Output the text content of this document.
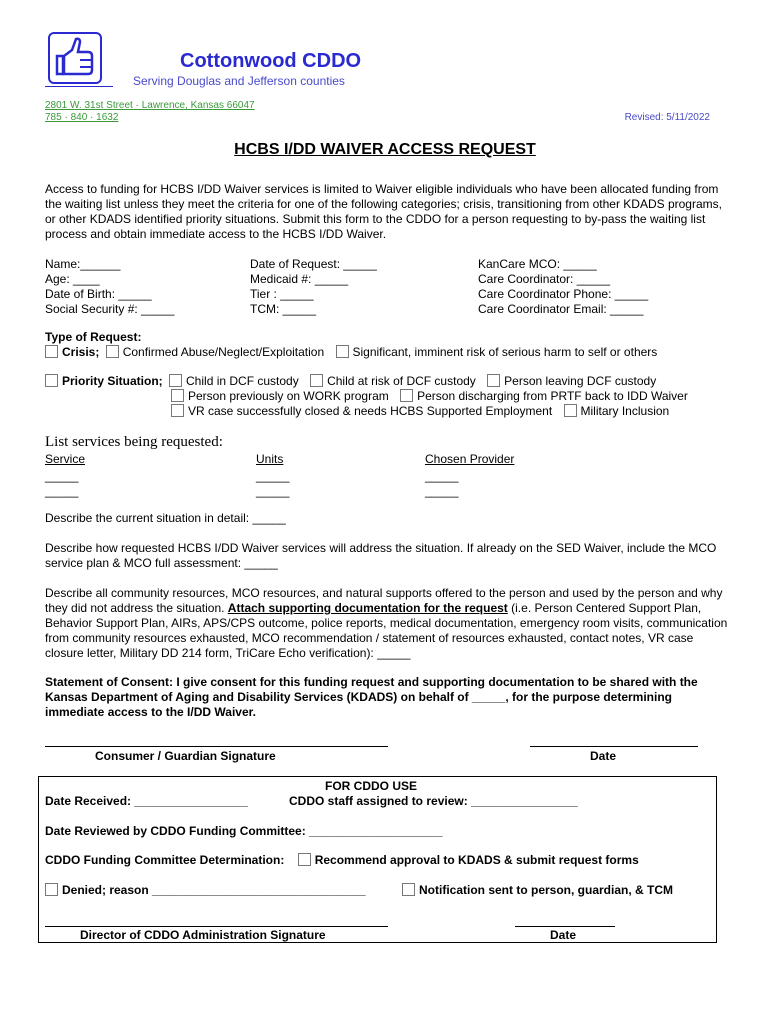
Cottonwood CDDO
Serving Douglas and Jefferson counties
2801 W. 31st Street · Lawrence, Kansas 66047
785 · 840 · 1632	Revised: 5/11/2022
HCBS I/DD WAIVER ACCESS REQUEST
Access to funding for HCBS I/DD Waiver services is limited to Waiver eligible individuals who have been allocated funding from the waiting list unless they meet the criteria for one of the following categories; crisis, transitioning from other KDADS programs, or other KDADS identified priority situations. Submit this form to the CDDO for a person requesting to by-pass the waiting list process and obtain immediate access to the HCBS I/DD Waiver.
Name:______
Age: ____
Date of Birth: _____
Social Security #: _____
Date of Request: _____
Medicaid #: _____
Tier : _____
TCM: _____
KanCare MCO: _____
Care Coordinator: _____
Care Coordinator Phone: _____
Care Coordinator Email: _____
Type of Request:
Crisis; Confirmed Abuse/Neglect/Exploitation Significant, imminent risk of serious harm to self or others
Priority Situation; Child in DCF custody Child at risk of DCF custody Person leaving DCF custody
Person previously on WORK program Person discharging from PRTF back to IDD Waiver
VR case successfully closed & needs HCBS Supported Employment Military Inclusion
List services being requested:
Service	Units	Chosen Provider
_____	_____	_____
_____	_____	_____
Describe the current situation in detail: _____
Describe how requested HCBS I/DD Waiver services will address the situation. If already on the SED Waiver, include the MCO service plan & MCO full assessment: _____
Describe all community resources, MCO resources, and natural supports offered to the person and used by the person and why they did not address the situation. Attach supporting documentation for the request (i.e. Person Centered Support Plan, Behavior Support Plan, AIRs, APS/CPS outcome, police reports, medical documentation, emergency room visits, communication from community resources exhausted, MCO recommendation / statement of resources exhausted, contact notes, VR case closure letter, Military DD 214 form, TriCare Echo verification): _____
Statement of Consent: I give consent for this funding request and supporting documentation to be shared with the Kansas Department of Aging and Disability Services (KDADS) on behalf of _____, for the purpose determining immediate access to the I/DD Waiver.
Consumer / Guardian Signature	Date
FOR CDDO USE
Date Received: _________________	CDDO staff assigned to review: ________________
Date Reviewed by CDDO Funding Committee: ____________________
CDDO Funding Committee Determination:	Recommend approval to KDADS & submit request forms
Denied; reason ________________________________	Notification sent to person, guardian, & TCM
Director of CDDO Administration Signature	Date
